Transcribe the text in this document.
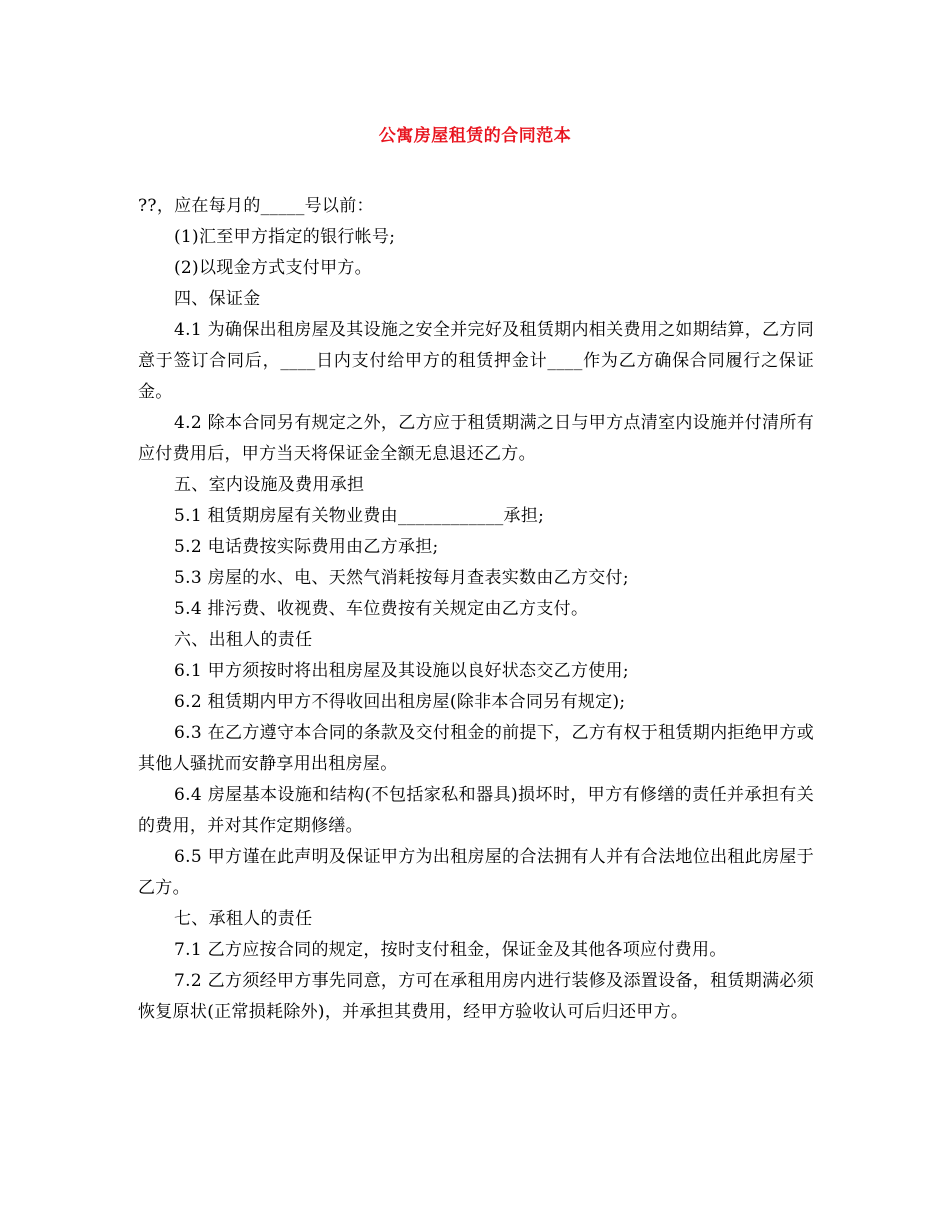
公寓房屋租赁的合同范本

??，应在每月的_____号以前：

(1)汇至甲方指定的银行帐号;

(2)以现金方式支付甲方。

四、保证金

4.1 为确保出租房屋及其设施之安全并完好及租赁期内相关费用之如期结算，乙方同意于签订合同后，____日内支付给甲方的租赁押金计____作为乙方确保合同履行之保证金。

4.2 除本合同另有规定之外，乙方应于租赁期满之日与甲方点清室内设施并付清所有应付费用后，甲方当天将保证金全额无息退还乙方。

五、室内设施及费用承担

5.1 租赁期房屋有关物业费由____________承担;

5.2 电话费按实际费用由乙方承担;

5.3 房屋的水、电、天然气消耗按每月查表实数由乙方交付;

5.4 排污费、收视费、车位费按有关规定由乙方支付。

六、出租人的责任

6.1 甲方须按时将出租房屋及其设施以良好状态交乙方使用;

6.2 租赁期内甲方不得收回出租房屋(除非本合同另有规定);

6.3 在乙方遵守本合同的条款及交付租金的前提下，乙方有权于租赁期内拒绝甲方或其他人骚扰而安静享用出租房屋。

6.4 房屋基本设施和结构(不包括家私和器具)损坏时，甲方有修缮的责任并承担有关的费用，并对其作定期修缮。

6.5 甲方谨在此声明及保证甲方为出租房屋的合法拥有人并有合法地位出租此房屋于乙方。

七、承租人的责任

7.1 乙方应按合同的规定，按时支付租金，保证金及其他各项应付费用。

7.2 乙方须经甲方事先同意，方可在承租用房内进行装修及添置设备，租赁期满必须恢复原状(正常损耗除外)，并承担其费用，经甲方验收认可后归还甲方。
